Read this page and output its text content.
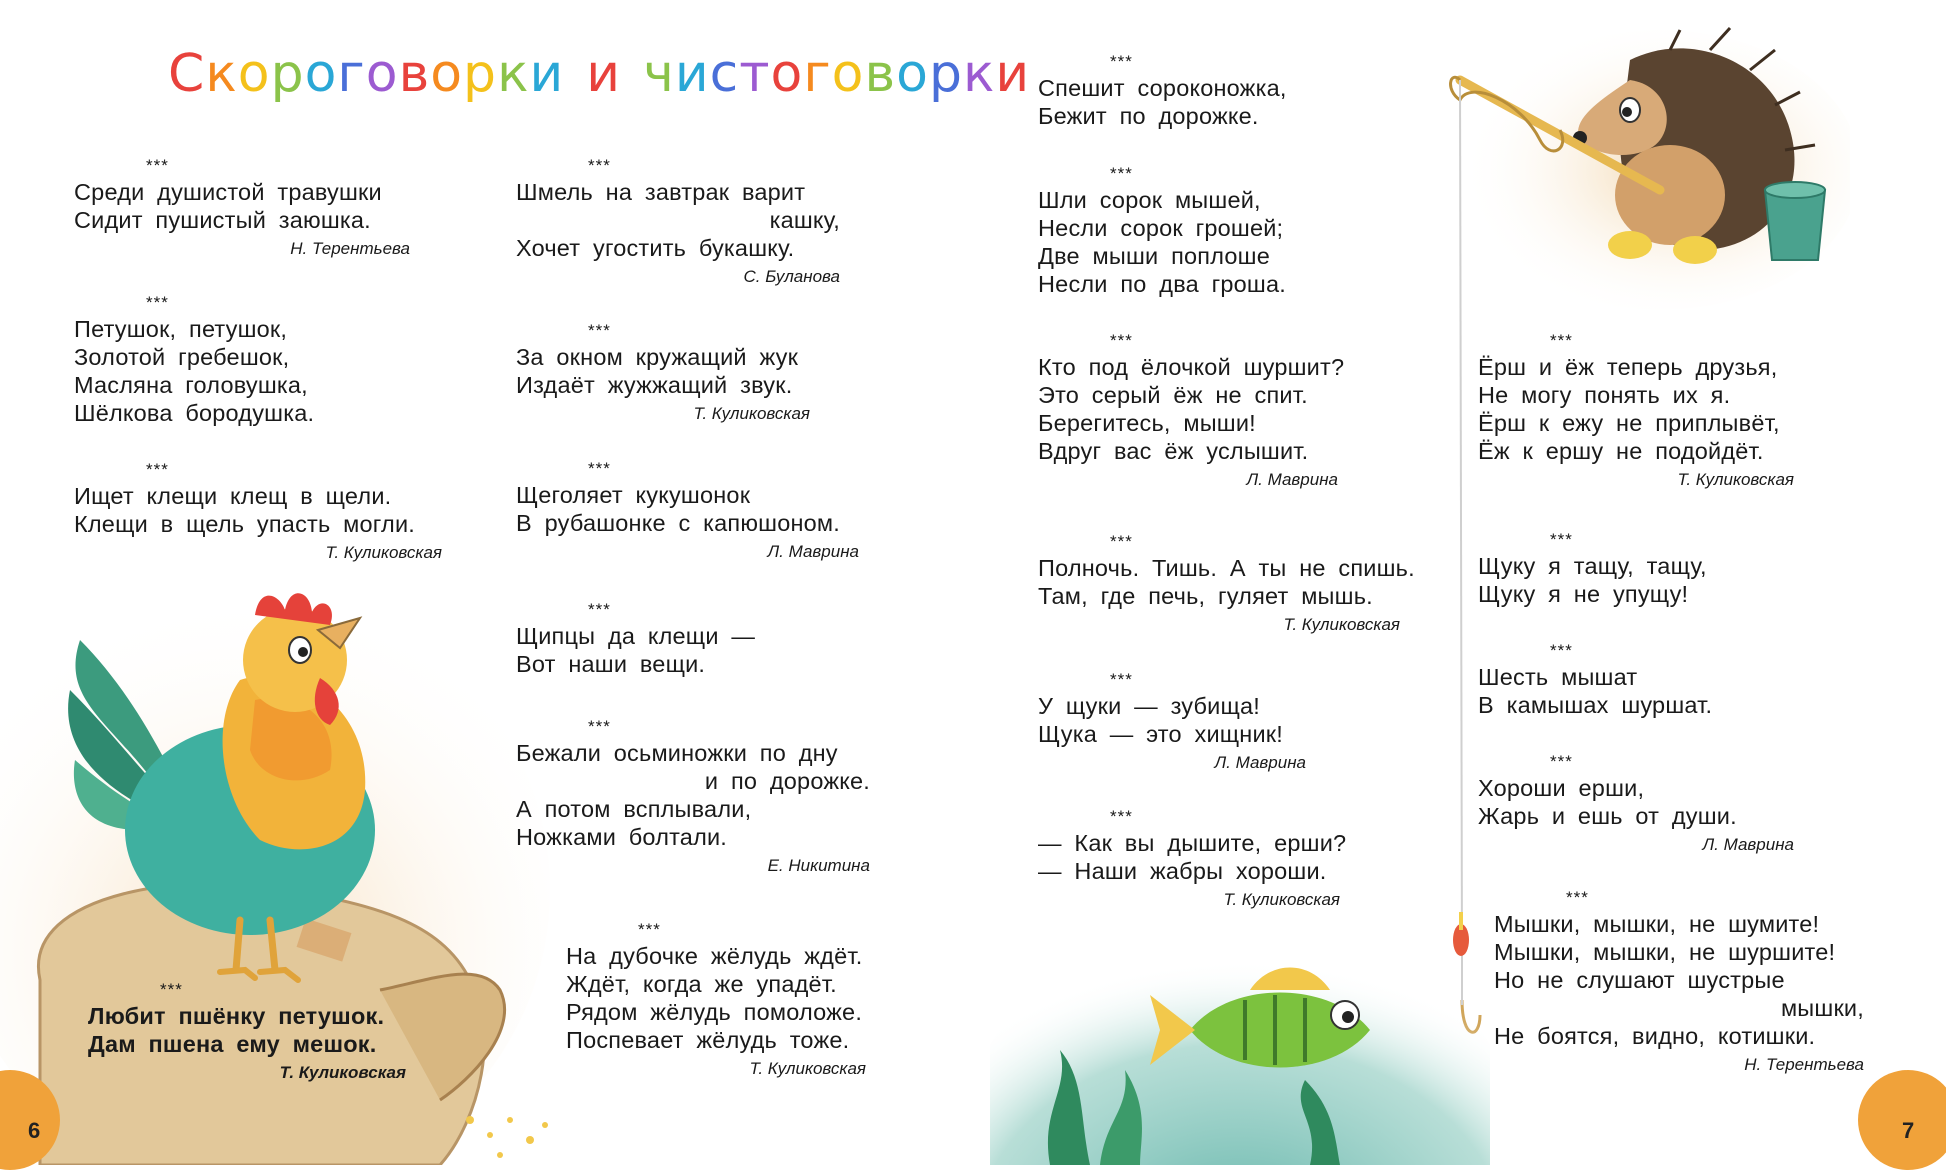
Скороговорки и чистоговорки
6	7
***
Среди душистой травушки
Сидит пушистый заюшка.
Н. Терентьева
***
Петушок, петушок,
Золотой гребешок,
Масляна головушка,
Шёлкова бородушка.
***
Ищет клещи клещ в щели.
Клещи в щель упасть могли.
Т. Куликовская
***
Любит пшёнку петушок.
Дам пшена ему мешок.
Т. Куликовская
***
Шмель на завтрак варит
кашку,
Хочет угостить букашку.
С. Буланова
***
За окном кружащий жук
Издаёт жужжащий звук.
Т. Куликовская
***
Щеголяет кукушонок
В рубашонке с капюшоном.
Л. Маврина
***
Щипцы да клещи —
Вот наши вещи.
***
Бежали осьминожки по дну
и по дорожке.
А потом всплывали,
Ножками болтали.
Е. Никитина
***
На дубочке жёлудь ждёт.
Ждёт, когда же упадёт.
Рядом жёлудь помоложе.
Поспевает жёлудь тоже.
Т. Куликовская
***
Спешит сороконожка,
Бежит по дорожке.
***
Шли сорок мышей,
Несли сорок грошей;
Две мыши поплоше
Несли по два гроша.
***
Кто под ёлочкой шуршит?
Это серый ёж не спит.
Берегитесь, мыши!
Вдруг вас ёж услышит.
Л. Маврина
***
Полночь. Тишь. А ты не спишь.
Там, где печь, гуляет мышь.
Т. Куликовская
***
У щуки — зубища!
Щука — это хищник!
Л. Маврина
***
— Как вы дышите, ерши?
— Наши жабры хороши.
Т. Куликовская
***
Ёрш и ёж теперь друзья,
Не могу понять их я.
Ёрш к ежу не приплывёт,
Ёж к ершу не подойдёт.
Т. Куликовская
***
Щуку я тащу, тащу,
Щуку я не упущу!
***
Шесть мышат
В камышах шуршат.
***
Хороши ерши,
Жарь и ешь от души.
Л. Маврина
***
Мышки, мышки, не шумите!
Мышки, мышки, не шуршите!
Но не слушают шустрые
мышки,
Не боятся, видно, котишки.
Н. Терентьева
